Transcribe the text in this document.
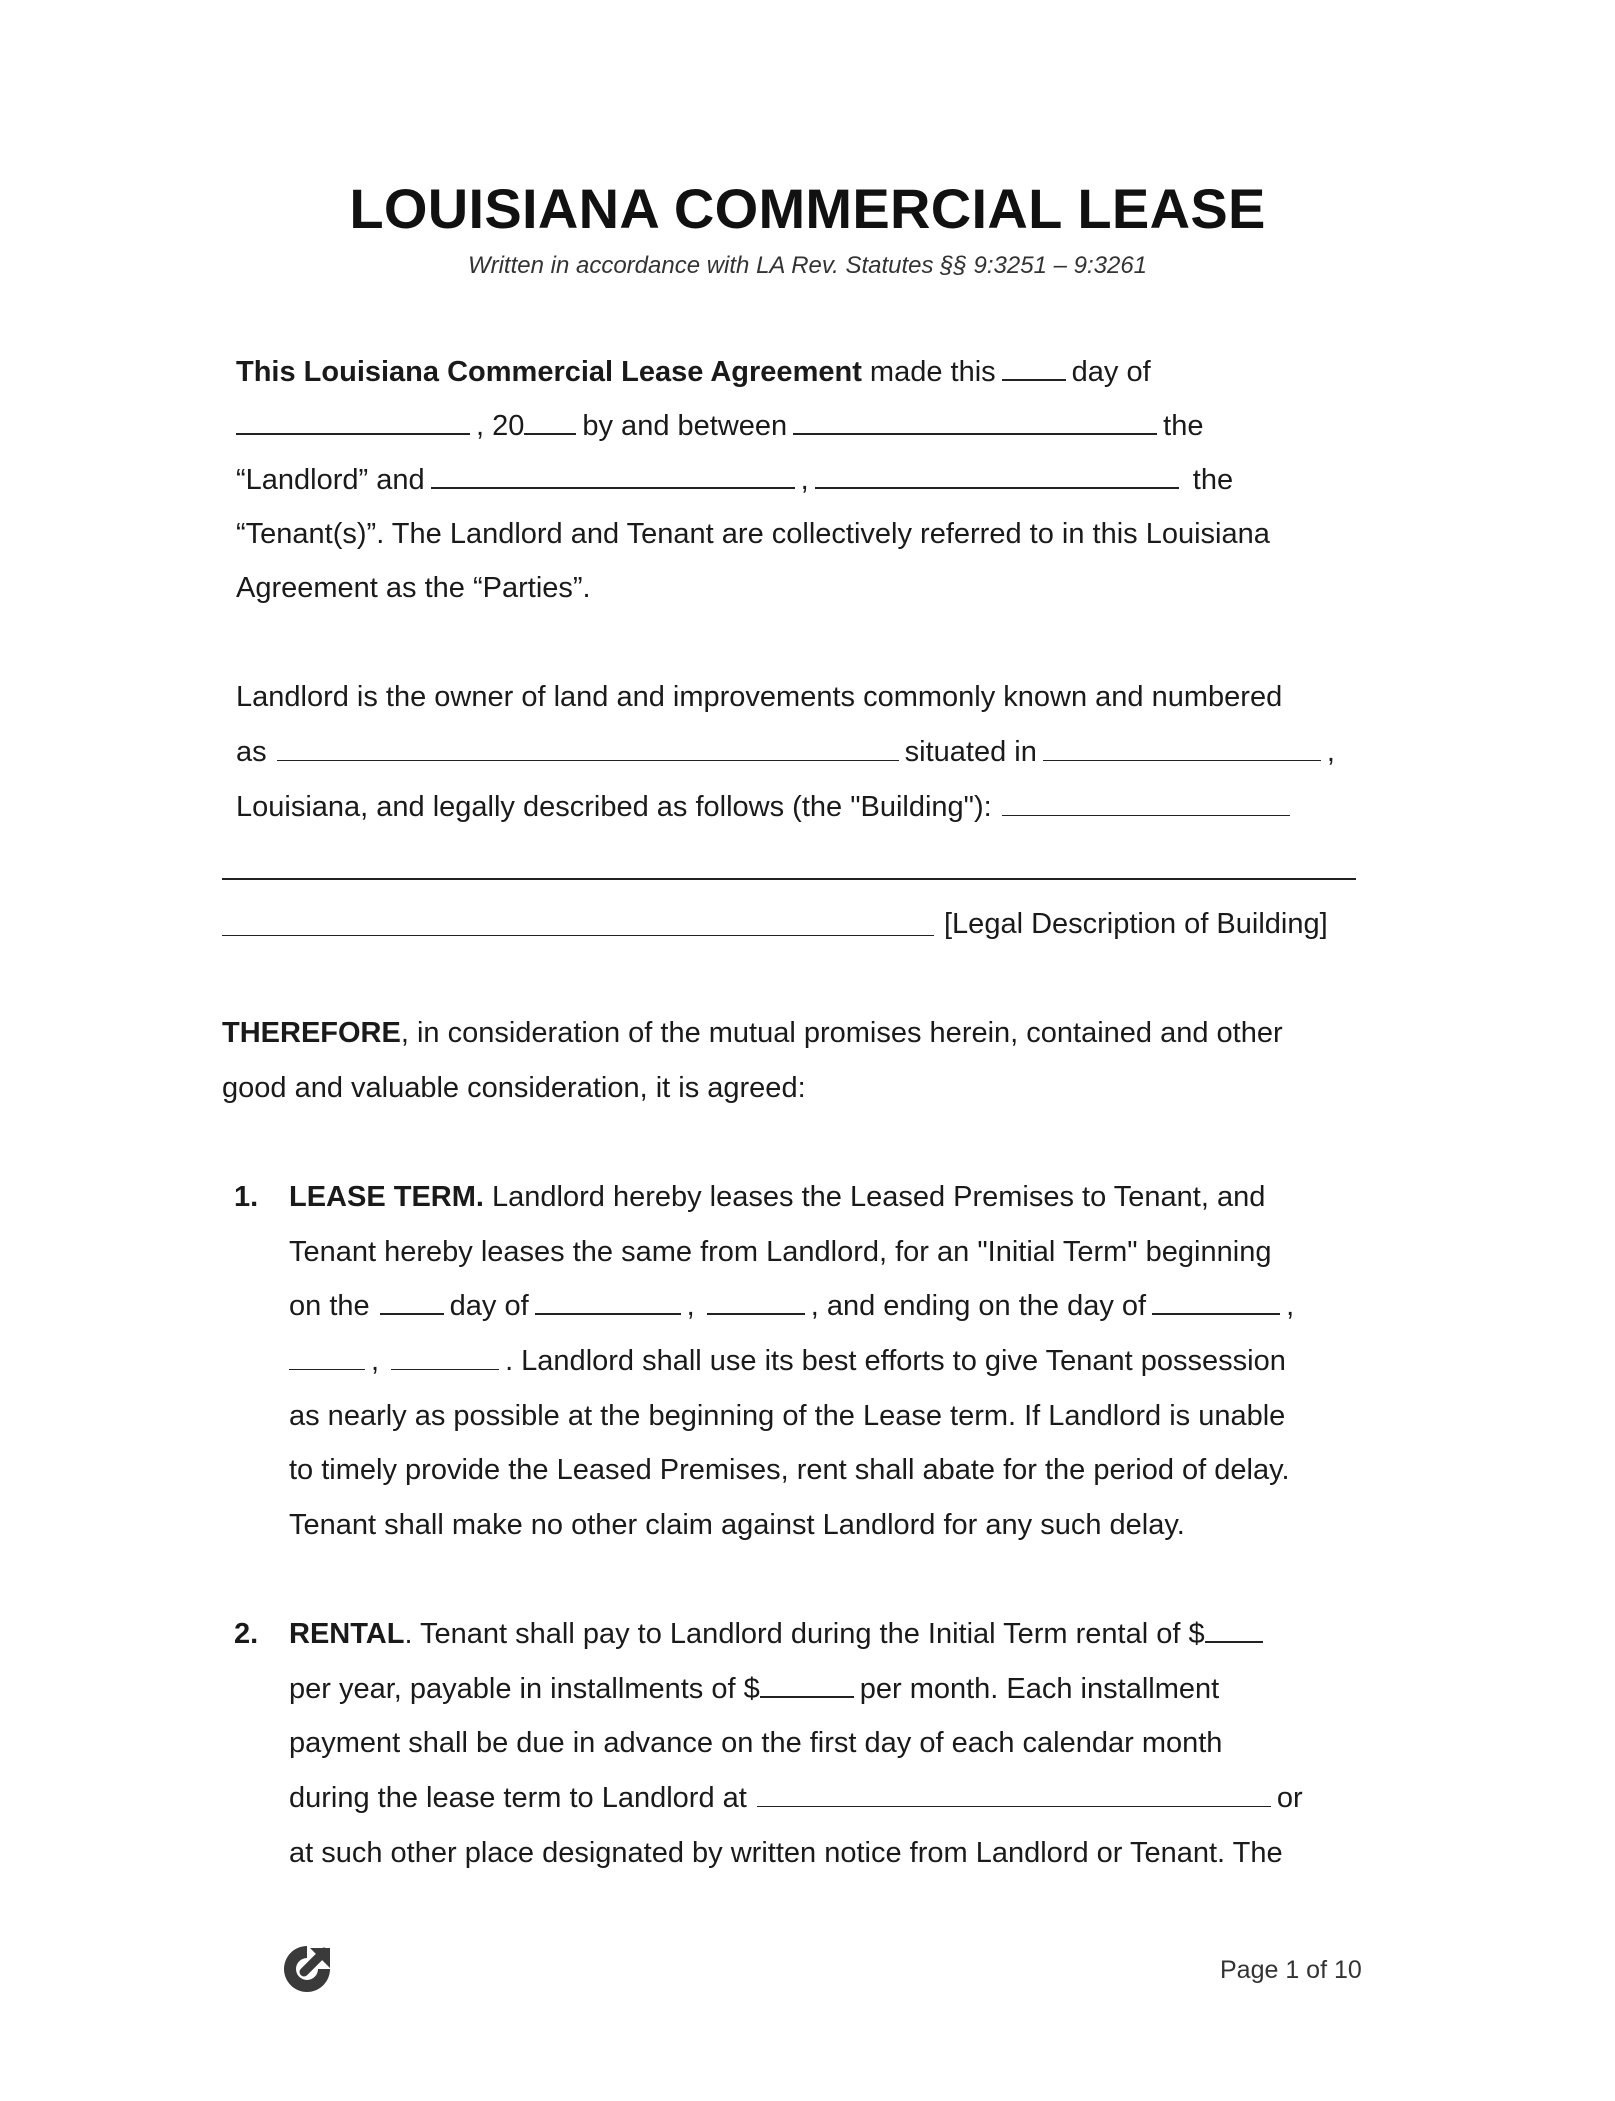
LOUISIANA COMMERCIAL LEASE
Written in accordance with LA Rev. Statutes §§ 9:3251 – 9:3261
This Louisiana Commercial Lease Agreement made this	day of
, 20 by and between	the
“Landlord” and	,	the
“Tenant(s)”. The Landlord and Tenant are collectively referred to in this Louisiana
Agreement as the “Parties”.
Landlord is the owner of land and improvements commonly known and numbered
as	situated in	,
Louisiana, and legally described as follows (the "Building"):
[Legal Description of Building]
THEREFORE, in consideration of the mutual promises herein, contained and other
good and valuable consideration, it is agreed:
1. LEASE TERM. Landlord hereby leases the Leased Premises to Tenant, and
Tenant hereby leases the same from Landlord, for an "Initial Term" beginning
on the	day of	,	, and ending on the day of	,
,	. Landlord shall use its best efforts to give Tenant possession
as nearly as possible at the beginning of the Lease term. If Landlord is unable
to timely provide the Leased Premises, rent shall abate for the period of delay.
Tenant shall make no other claim against Landlord for any such delay.
2. RENTAL. Tenant shall pay to Landlord during the Initial Term rental of $
per year, payable in installments of $	per month. Each installment
payment shall be due in advance on the first day of each calendar month
during the lease term to Landlord at	or
at such other place designated by written notice from Landlord or Tenant. The
Page 1 of 10
